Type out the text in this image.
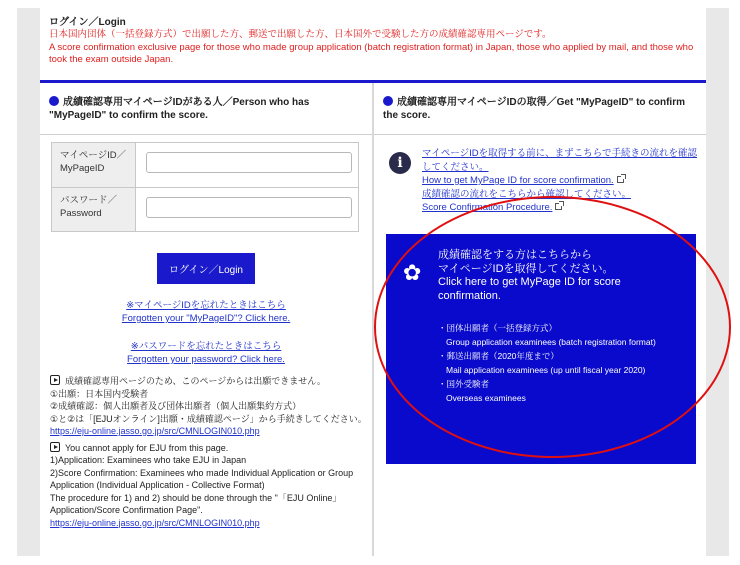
ログイン／Login
日本国内団体（一括登録方式）で出願した方、郵送で出願した方、日本国外で受験した方の成績確認専用ページです。
A score confirmation exclusive page for those who made group application (batch registration format) in Japan, those who applied by mail, and those who took the exam outside Japan.
成績確認専用マイページIDがある人／Person who has "MyPageID" to confirm the score.
マイページID／MyPageID
パスワード／Password
ログイン／Login
※マイページIDを忘れたときはこちら
Forgotten your "MyPageID"? Click here.
※パスワードを忘れたときはこちら
Forgotten your password? Click here.
成績確認専用ページのため、このページからは出願できません。
①出願：日本国内受験者
②成績確認：個人出願者及び団体出願者（個人出願集約方式）
①と②は「[EJUオンライン]出願・成績確認ページ」から手続きしてください。
https://eju-online.jasso.go.jp/src/CMNLOGIN010.php
You cannot apply for EJU from this page.
1)Application: Examinees who take EJU in Japan
2)Score Confirmation: Examinees who made Individual Application or Group Application (Individual Application - Collective Format)
The procedure for 1) and 2) should be done through the "「EJU Online」Application/Score Confirmation Page".
https://eju-online.jasso.go.jp/src/CMNLOGIN010.php
成績確認専用マイページIDの取得／Get "MyPageID" to confirm the score.
i
マイページIDを取得する前に、まずこちらで手続きの流れを確認してください。
How to get MyPage ID for score confirmation.
成績確認の流れをこちらから確認してください。
Score Confirmation Procedure.
✿
成績確認をする方はこちらから
マイページIDを取得してください。
Click here to get MyPage ID for score confirmation.
・団体出願者（一括登録方式）
Group application examinees (batch registration format)
・郵送出願者（2020年度まで）
Mail application examinees (up until fiscal year 2020)
・国外受験者
Overseas examinees
